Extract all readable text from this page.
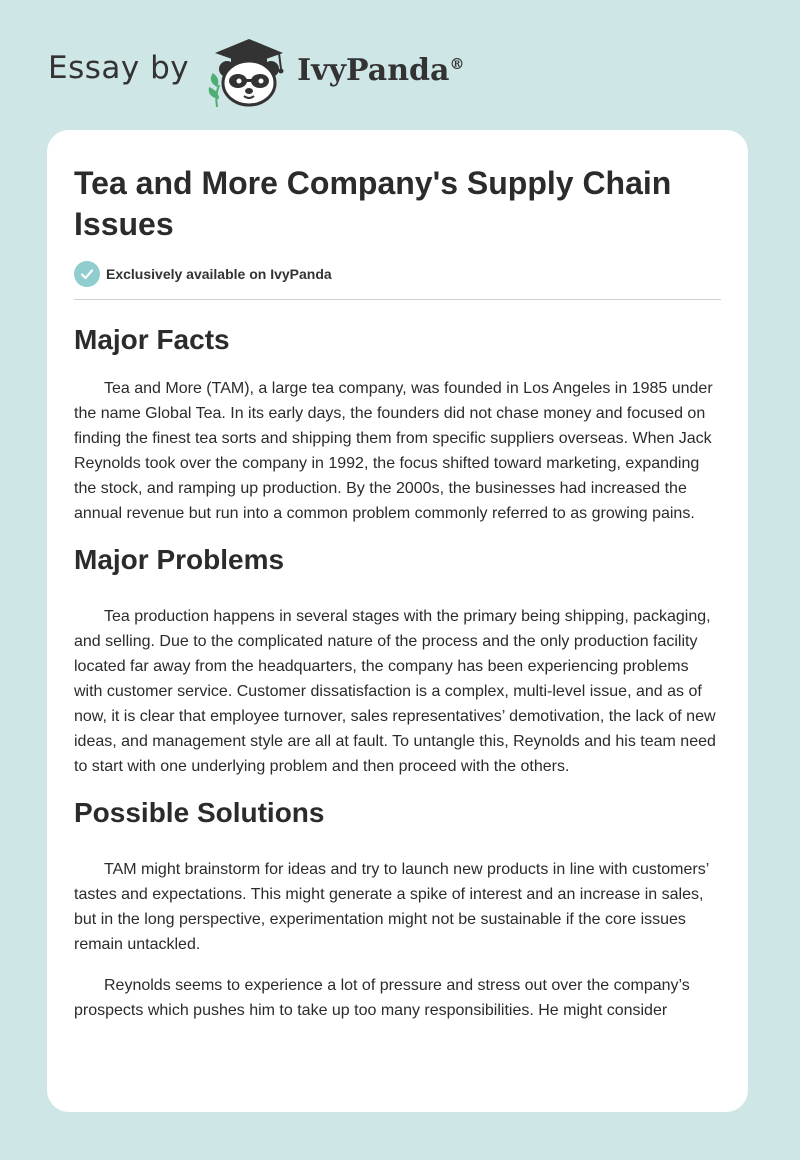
Essay by	IvyPanda®
Tea and More Company's Supply Chain Issues
Exclusively available on IvyPanda
Major Facts

Tea and More (TAM), a large tea company, was founded in Los Angeles in 1985 under the name Global Tea. In its early days, the founders did not chase money and focused on finding the finest tea sorts and shipping them from specific suppliers overseas. When Jack Reynolds took over the company in 1992, the focus shifted toward marketing, expanding the stock, and ramping up production. By the 2000s, the businesses had increased the annual revenue but run into a common problem commonly referred to as growing pains.

Major Problems

Tea production happens in several stages with the primary being shipping, packaging, and selling. Due to the complicated nature of the process and the only production facility located far away from the headquarters, the company has been experiencing problems with customer service. Customer dissatisfaction is a complex, multi-level issue, and as of now, it is clear that employee turnover, sales representatives’ demotivation, the lack of new ideas, and management style are all at fault. To untangle this, Reynolds and his team need to start with one underlying problem and then proceed with the others.

Possible Solutions

TAM might brainstorm for ideas and try to launch new products in line with customers’ tastes and expectations. This might generate a spike of interest and an increase in sales, but in the long perspective, experimentation might not be sustainable if the core issues remain untackled.

Reynolds seems to experience a lot of pressure and stress out over the company’s prospects which pushes him to take up too many responsibilities. He might consider
